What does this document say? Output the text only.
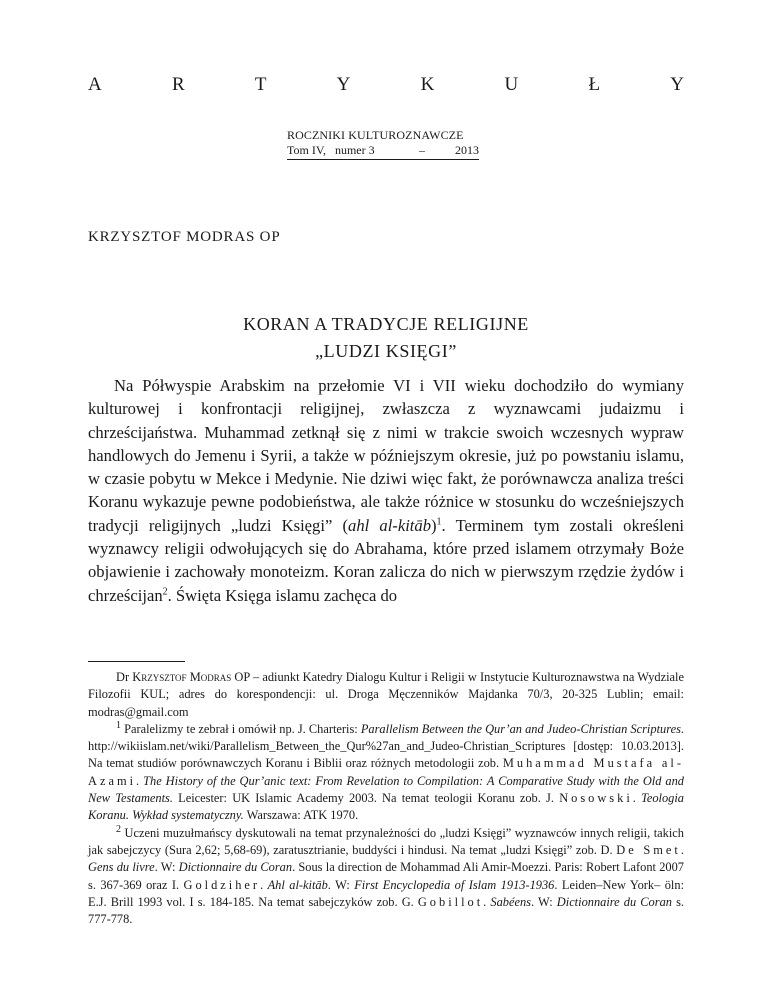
A	R	T	Y	K	U	Ł	Y
ROCZNIKI KULTUROZNAWCZE
Tom IV,   numer 3	–	2013
KRZYSZTOF MODRAS OP
KORAN A TRADYCJE RELIGIJNE
„LUDZI KSIĘGI”

Na Półwyspie Arabskim na przełomie VI i VII wieku dochodziło do wymiany kulturowej i konfrontacji religijnej, zwłaszcza z wyznawcami judaizmu i chrześcijaństwa. Muhammad zetknął się z nimi w trakcie swoich wczesnych wypraw handlowych do Jemenu i Syrii, a także w późniejszym okresie, już po powstaniu islamu, w czasie pobytu w Mekce i Medynie. Nie dziwi więc fakt, że porównawcza analiza treści Koranu wykazuje pewne podobieństwa, ale także różnice w stosunku do wcześniejszych tradycji religijnych „ludzi Księgi” (ahl al-kitāb)$^1$. Terminem tym zostali określeni wyznawcy religii odwołujących się do Abrahama, które przed islamem otrzymały Boże objawienie i zachowały monoteizm. Koran zalicza do nich w pierwszym rzędzie żydów i chrześcijan$^2$. Święta Księga islamu zachęca do

Dr Krzysztof Modras OP – adiunkt Katedry Dialogu Kultur i Religii w Instytucie Kulturoznawstwa na Wydziale Filozofii KUL; adres do korespondencji: ul. Droga Męczenników Majdanka 70/3, 20-325 Lublin; email: modras@gmail.com

$^1$ Paralelizmy te zebrał i omówił np. J. Charteris: Parallelism Between the Qur’an and Judeo-Christian Scriptures. http://wikiislam.net/wiki/Parallelism_Between_the_Qur%27an_and_Judeo-Christian_Scriptures [dostęp: 10.03.2013]. Na temat studiów porównawczych Koranu i Biblii oraz różnych metodologii zob. Muhammad Mustafa al-Azami. The History of the Qur’anic text: From Revelation to Compilation: A Comparative Study with the Old and New Testaments. Leicester: UK Islamic Academy 2003. Na temat teologii Koranu zob. J. Nosowski. Teologia Koranu. Wykład systematyczny. Warszawa: ATK 1970.

$^2$ Uczeni muzułmańscy dyskutowali na temat przynależności do „ludzi Księgi” wyznawców innych religii, takich jak sabejczycy (Sura 2,62; 5,68-69), zaratusztrianie, buddyści i hindusi. Na temat „ludzi Księgi” zob. D. De Smet. Gens du livre. W: Dictionnaire du Coran. Sous la direction de Mohammad Ali Amir-Moezzi. Paris: Robert Lafont 2007 s. 367-369 oraz I. Goldziher. Ahl al-kitāb. W: First Encyclopedia of Islam 1913-1936. Leiden–New York– öln: E.J. Brill 1993 vol. I s. 184-185. Na temat sabejczyków zob. G. Gobillot. Sabéens. W: Dictionnaire du Coran s. 777-778.
